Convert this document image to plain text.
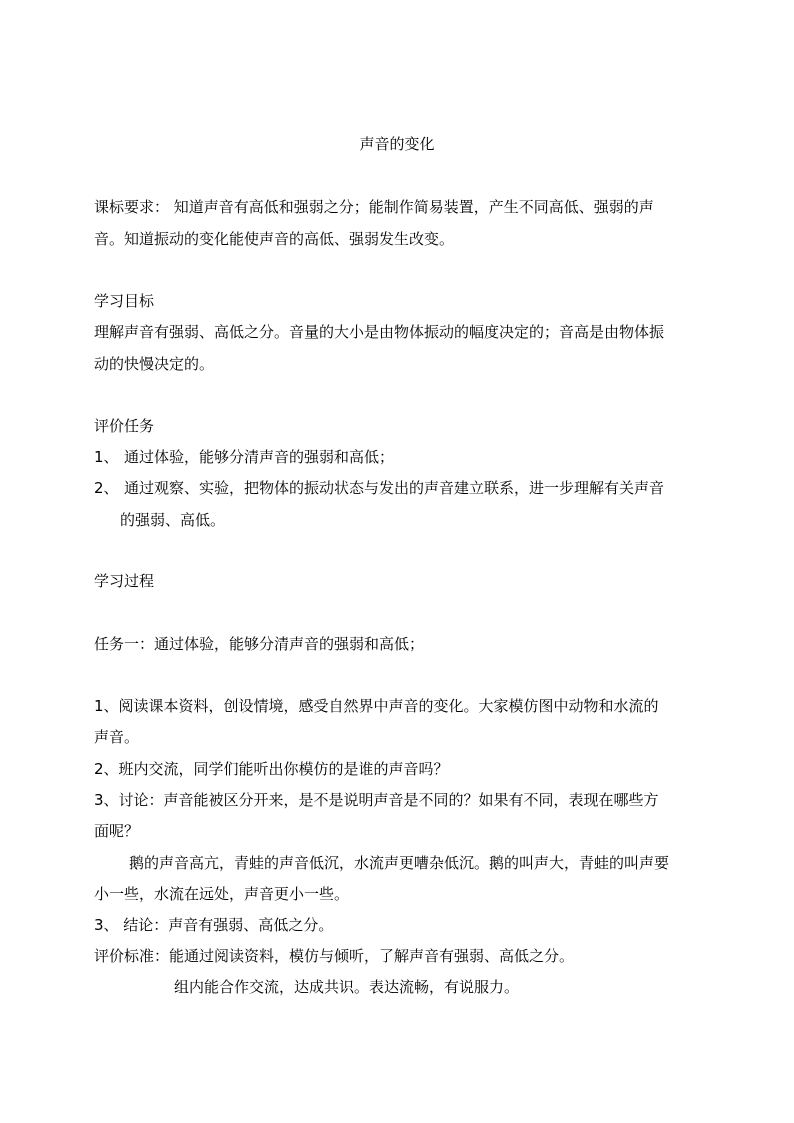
声音的变化
课标要求： 知道声音有高低和强弱之分；能制作简易装置，产生不同高低、强弱的声
音。知道振动的变化能使声音的高低、强弱发生改变。
学习目标
理解声音有强弱、高低之分。音量的大小是由物体振动的幅度决定的；音高是由物体振
动的快慢决定的。
评价任务
1、 通过体验，能够分清声音的强弱和高低；
2、 通过观察、实验，把物体的振动状态与发出的声音建立联系，进一步理解有关声音
的强弱、高低。
学习过程
任务一：通过体验，能够分清声音的强弱和高低；
1、阅读课本资料，创设情境，感受自然界中声音的变化。大家模仿图中动物和水流的
声音。
2、班内交流，同学们能听出你模仿的是谁的声音吗？
3、讨论：声音能被区分开来，是不是说明声音是不同的？如果有不同，表现在哪些方
面呢？
鹅的声音高亢，青蛙的声音低沉，水流声更嘈杂低沉。鹅的叫声大，青蛙的叫声要
小一些，水流在远处，声音更小一些。
3、 结论：声音有强弱、高低之分。
评价标准：能通过阅读资料，模仿与倾听，了解声音有强弱、高低之分。
组内能合作交流，达成共识。表达流畅，有说服力。
